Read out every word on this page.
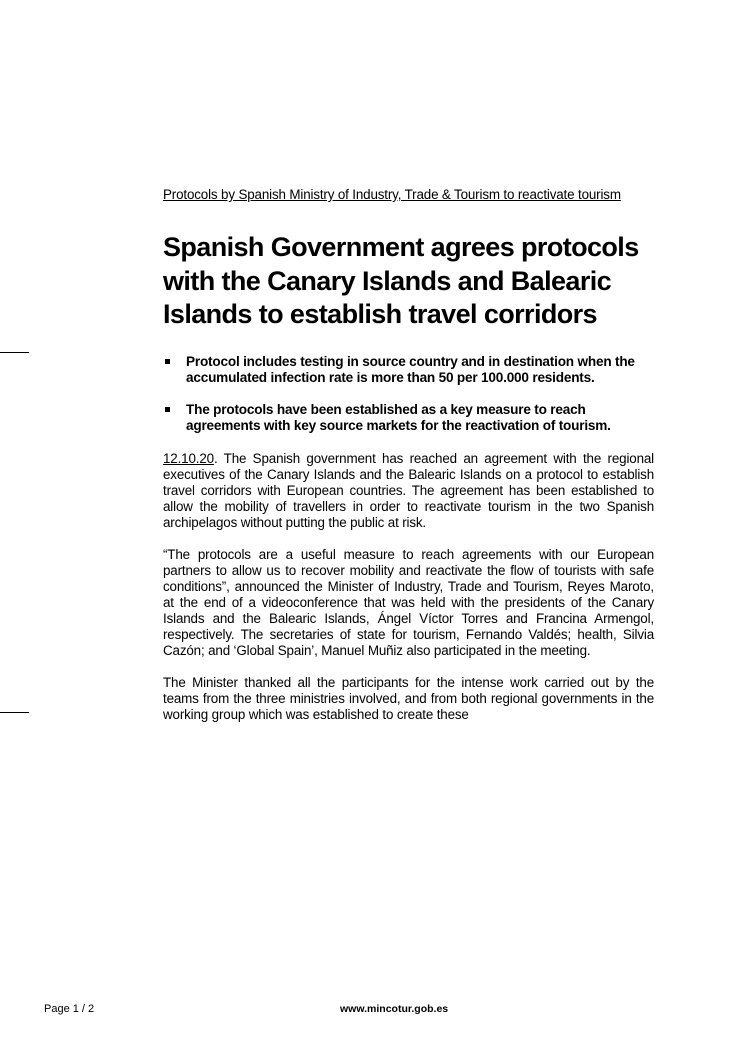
Protocols by Spanish Ministry of Industry, Trade & Tourism to reactivate tourism

Spanish Government agrees protocols with the Canary Islands and Balearic Islands to establish travel corridors
Protocol includes testing in source country and in destination when the accumulated infection rate is more than 50 per 100.000 residents.
The protocols have been established as a key measure to reach agreements with key source markets for the reactivation of tourism.

12.10.20. The Spanish government has reached an agreement with the regional executives of the Canary Islands and the Balearic Islands on a protocol to establish travel corridors with European countries. The agreement has been established to allow the mobility of travellers in order to reactivate tourism in the two Spanish archipelagos without putting the public at risk.

“The protocols are a useful measure to reach agreements with our European partners to allow us to recover mobility and reactivate the flow of tourists with safe conditions”, announced the Minister of Industry, Trade and Tourism, Reyes Maroto, at the end of a videoconference that was held with the presidents of the Canary Islands and the Balearic Islands, Ángel Víctor Torres and Francina Armengol, respectively. The secretaries of state for tourism, Fernando Valdés; health, Silvia Cazón; and ‘Global Spain’, Manuel Muñiz also participated in the meeting.

The Minister thanked all the participants for the intense work carried out by the teams from the three ministries involved, and from both regional governments in the working group which was established to create these

Page 1 / 2	www.mincotur.gob.es
